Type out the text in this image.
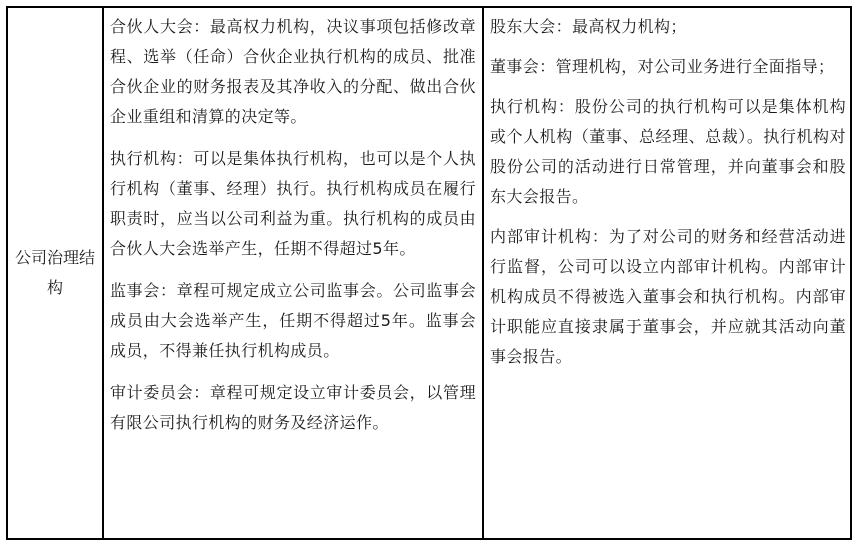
公司治理结构

合伙人大会：最高权力机构，决议事项包括修改章程、选举（任命）合伙企业执行机构的成员、批准合伙企业的财务报表及其净收入的分配、做出合伙企业重组和清算的决定等。

执行机构：可以是集体执行机构，也可以是个人执行机构（董事、经理）执行。执行机构成员在履行职责时，应当以公司利益为重。执行机构的成员由合伙人大会选举产生，任期不得超过5年。

监事会：章程可规定成立公司监事会。公司监事会成员由大会选举产生，任期不得超过5年。监事会成员，不得兼任执行机构成员。

审计委员会：章程可规定设立审计委员会，以管理有限公司执行机构的财务及经济运作。

股东大会：最高权力机构；

董事会：管理机构，对公司业务进行全面指导；

执行机构：股份公司的执行机构可以是集体机构或个人机构（董事、总经理、总裁）。执行机构对股份公司的活动进行日常管理，并向董事会和股东大会报告。

内部审计机构：为了对公司的财务和经营活动进行监督，公司可以设立内部审计机构。内部审计机构成员不得被选入董事会和执行机构。内部审计职能应直接隶属于董事会，并应就其活动向董事会报告。
